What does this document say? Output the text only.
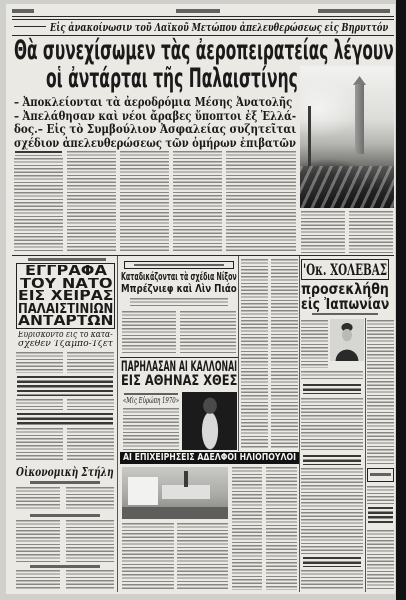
Εἰς ἀνακοίνωσιν τοῦ Λαϊκοῦ Μετώπου ἀπελευθερώσεως εἰς Βηρυττόν
Θὰ συνεχίσωμεν τὰς ἀεροπειρατείας λέγουν
οἱ ἀντάρται τῆς Παλαιστίνης
– Ἀποκλείονται τὰ ἀεροδρόμια Μέσης Ἀνατολῆς
– Ἀπελάθησαν καὶ νέοι ἄραβες ὕποπτοι ἐξ Ἑλλά-
δος.– Εἰς τὸ Συμβούλιον Ἀσφαλείας συζητεῖται
σχέδιον ἀπελευθερώσεως τῶν ὁμήρων ἐπιβατῶν
ΕΓΓΡΑΦΑ
ΤΟΥ ΝΑΤΟ
ΕΙΣ ΧΕΙΡΑΣ
ΠΑΛΑΙΣΤΙΝΙΩΝ
ΑΝΤΑΡΤΩΝ
Εὑρίσκοντο εἰς τὸ κατα-
σχεθὲν Τζάμπο-Τζέτ
Οἰκονομικὴ Στήλη
Καταδικάζονται τὰ σχέδια Νίξον
Μπρέζνιεφ καὶ Λὶν Πιάο
ΠΑΡΗΛΑΣΑΝ ΑΙ ΚΑΛΛΟΝΑΙ
ΕΙΣ ΑΘΗΝΑΣ ΧΘΕΣ
«Μὶς Εὐρώπη 1970»
ΑΙ ΕΠΙΧΕΙΡΗΣΕΙΣ ΑΔΕΛΦΟΙ ΗΛΙΟΠΟΥΛΟΙ
'Οκ. ΧΟΛΕΒΑΣ
προσεκλήθη
εἰς Ἰαπωνίαν
